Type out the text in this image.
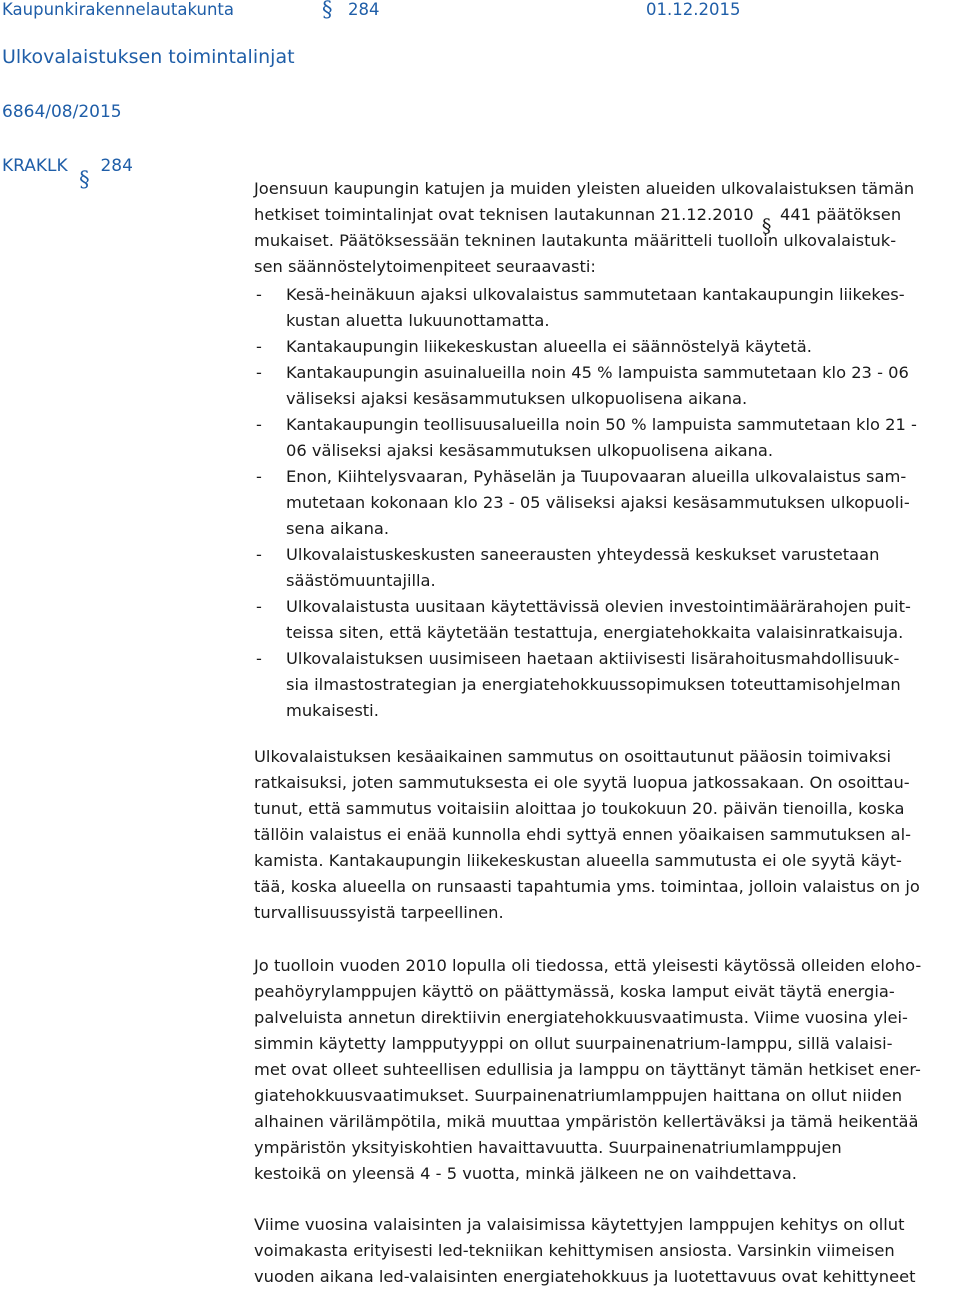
Kaupunkirakennelautakunta	§ 284	01.12.2015
Ulkovalaistuksen toimintalinjat
6864/08/2015
KRAKLK
§
284
Joensuun kaupungin katujen ja muiden yleisten alueiden ulkovalaistuksen tämän
hetkiset toimintalinjat ovat teknisen lautakunnan 21.12.2010
§
441 päätöksen
mukaiset. Päätöksessään tekninen lautakunta määritteli tuolloin ulkovalaistuk-
sen säännöstelytoimenpiteet seuraavasti:
- Kesä-heinäkuun ajaksi ulkovalaistus sammutetaan kantakaupungin liikekes-
kustan aluetta lukuunottamatta.
- Kantakaupungin liikekeskustan alueella ei säännöstelyä käytetä.
- Kantakaupungin asuinalueilla noin 45 % lampuista sammutetaan klo 23 - 06
väliseksi ajaksi kesäsammutuksen ulkopuolisena aikana.
- Kantakaupungin teollisuusalueilla noin 50 % lampuista sammutetaan klo 21 -
06 väliseksi ajaksi kesäsammutuksen ulkopuolisena aikana.
- Enon, Kiihtelysvaaran, Pyhäselän ja Tuupovaaran alueilla ulkovalaistus sam-
mutetaan kokonaan klo 23 - 05 väliseksi ajaksi kesäsammutuksen ulkopuoli-
sena aikana.
- Ulkovalaistuskeskusten saneerausten yhteydessä keskukset varustetaan
säästömuuntajilla.
- Ulkovalaistusta uusitaan käytettävissä olevien investointimäärärahojen puit-
teissa siten, että käytetään testattuja, energiatehokkaita valaisinratkaisuja.
- Ulkovalaistuksen uusimiseen haetaan aktiivisesti lisärahoitusmahdollisuuk-
sia ilmastostrategian ja energiatehokkuussopimuksen toteuttamisohjelman
mukaisesti.
Ulkovalaistuksen kesäaikainen sammutus on osoittautunut pääosin toimivaksi
ratkaisuksi, joten sammutuksesta ei ole syytä luopua jatkossakaan. On osoittau-
tunut, että sammutus voitaisiin aloittaa jo toukokuun 20. päivän tienoilla, koska
tällöin valaistus ei enää kunnolla ehdi syttyä ennen yöaikaisen sammutuksen al-
kamista. Kantakaupungin liikekeskustan alueella sammutusta ei ole syytä käyt-
tää, koska alueella on runsaasti tapahtumia yms. toimintaa, jolloin valaistus on jo
turvallisuussyistä tarpeellinen.
Jo tuolloin vuoden 2010 lopulla oli tiedossa, että yleisesti käytössä olleiden eloho-
peahöyrylamppujen käyttö on päättymässä, koska lamput eivät täytä energia-
palveluista annetun direktiivin energiatehokkuusvaatimusta. Viime vuosina ylei-
simmin käytetty lampputyyppi on ollut suurpainenatrium-lamppu, sillä valaisi-
met ovat olleet suhteellisen edullisia ja lamppu on täyttänyt tämän hetkiset ener-
giatehokkuusvaatimukset. Suurpainenatriumlamppujen haittana on ollut niiden
alhainen värilämpötila, mikä muuttaa ympäristön kellertäväksi ja tämä heikentää
ympäristön yksityiskohtien havaittavuutta. Suurpainenatriumlamppujen
kestoikä on yleensä 4 - 5 vuotta, minkä jälkeen ne on vaihdettava.
Viime vuosina valaisinten ja valaisimissa käytettyjen lamppujen kehitys on ollut
voimakasta erityisesti led-tekniikan kehittymisen ansiosta. Varsinkin viimeisen
vuoden aikana led-valaisinten energiatehokkuus ja luotettavuus ovat kehittyneet
